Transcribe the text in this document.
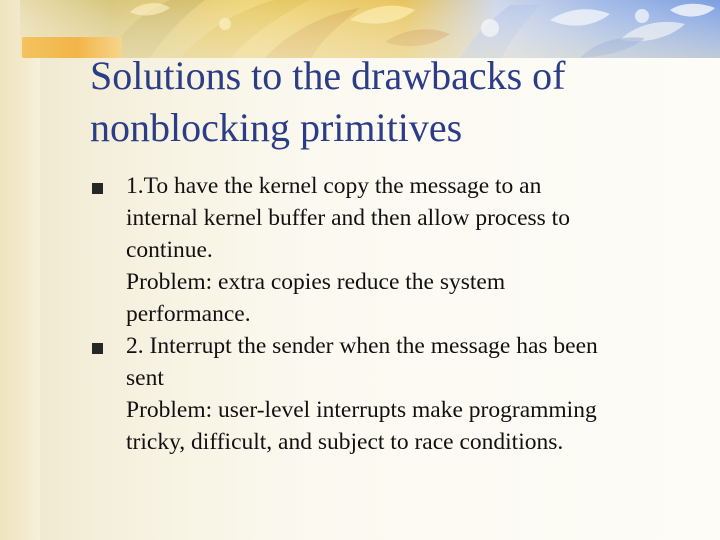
Solutions to the drawbacks of
nonblocking primitives
1.To have the kernel copy the message to an
internal kernel buffer and then allow process to
continue.
Problem: extra copies reduce the system
performance.
2. Interrupt the sender when the message has been
sent
Problem: user-level interrupts make programming
tricky, difficult, and subject to race conditions.
